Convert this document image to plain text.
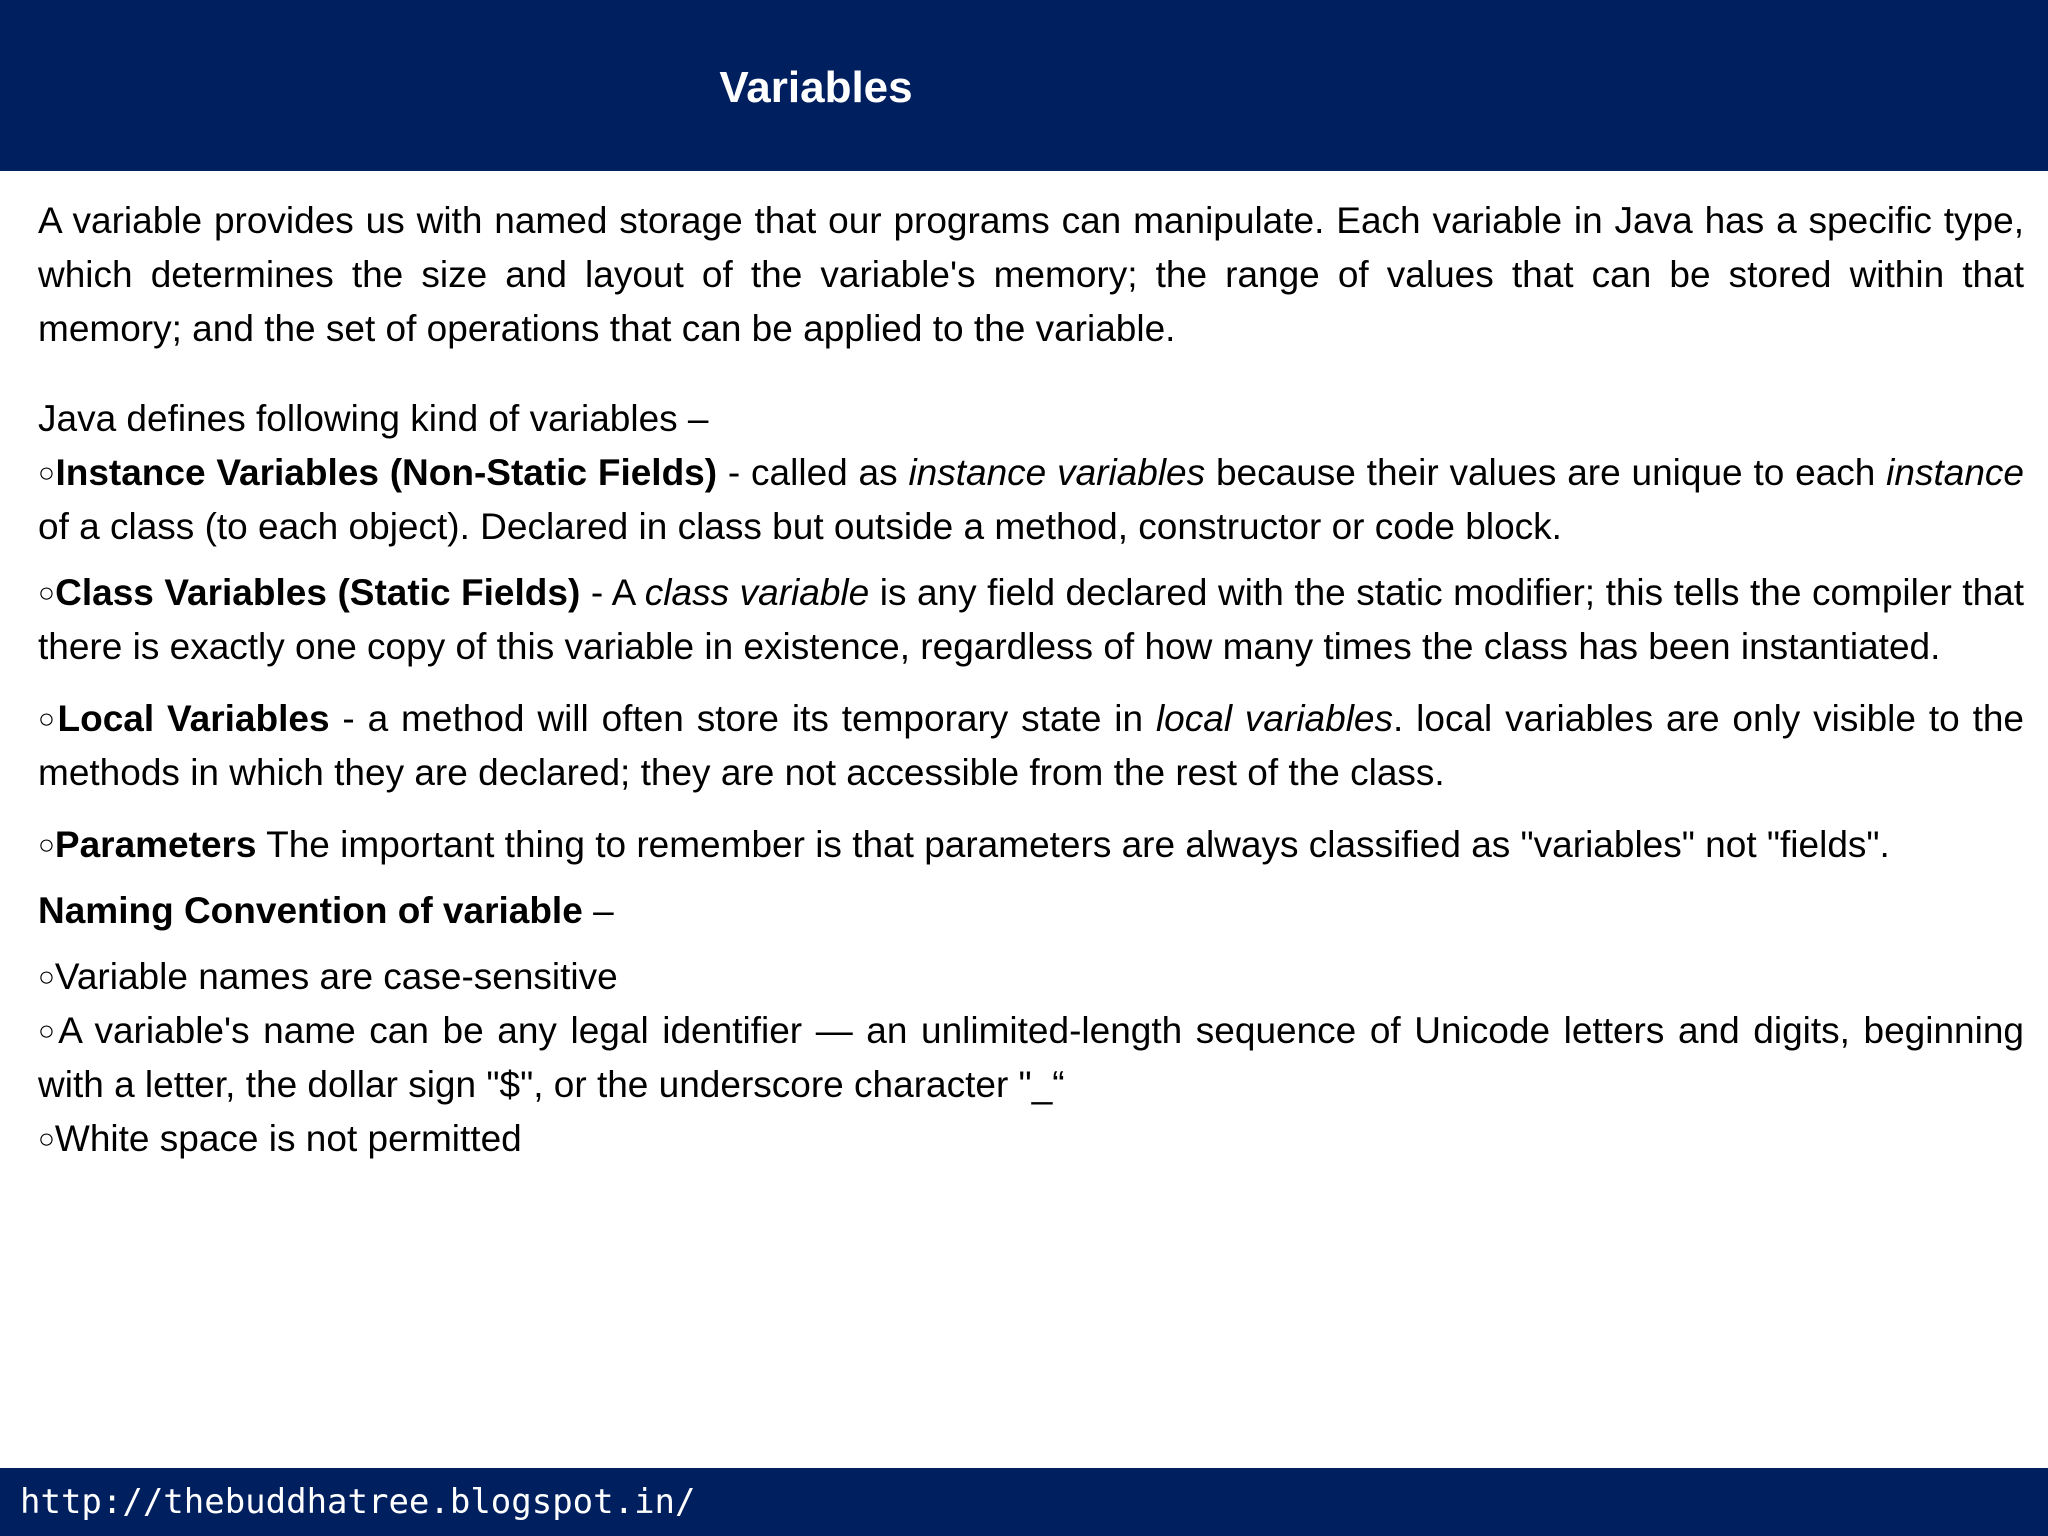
Variables

A variable provides us with named storage that our programs can manipulate. Each variable in Java has a specific type, which determines the size and layout of the variable's memory; the range of values that can be stored within that memory; and the set of operations that can be applied to the variable.

Java defines following kind of variables –

○Instance Variables (Non-Static Fields) - called as instance variables because their values are unique to each instance of a class (to each object). Declared in class but outside a method, constructor or code block.

○Class Variables (Static Fields) - A class variable is any field declared with the static modifier; this tells the compiler that there is exactly one copy of this variable in existence, regardless of how many times the class has been instantiated.

○Local Variables - a method will often store its temporary state in local variables. local variables are only visible to the methods in which they are declared; they are not accessible from the rest of the class.

○Parameters The important thing to remember is that parameters are always classified as "variables" not "fields".

Naming Convention of variable –

○Variable names are case-sensitive

○A variable's name can be any legal identifier — an unlimited-length sequence of Unicode letters and digits, beginning with a letter, the dollar sign "$", or the underscore character "_“

○White space is not permitted

http://thebuddhatree.blogspot.in/
